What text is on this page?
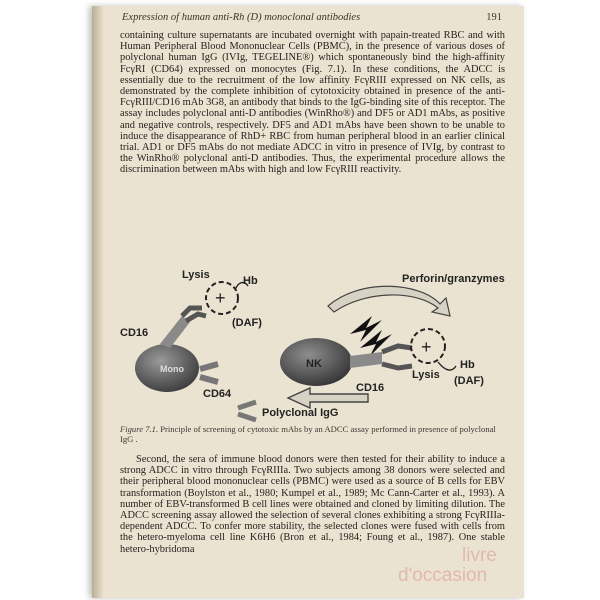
Expression of human anti-Rh (D) monoclonal antibodies	191

containing culture supernatants are incubated overnight with papain-treated RBC and with Human Peripheral Blood Mononuclear Cells (PBMC), in the presence of various doses of polyclonal human IgG (IVIg, TEGELINE®) which spontaneously bind the high-affinity FcγRI (CD64) expressed on monocytes (Fig. 7.1). In these conditions, the ADCC is essentially due to the recruitment of the low affinity FcγRIII expressed on NK cells, as demonstrated by the complete inhibition of cytotoxicity obtained in presence of the anti-FcγRIII/CD16 mAb 3G8, an antibody that binds to the IgG-binding site of this receptor. The assay includes polyclonal anti-D antibodies (WinRho®) and DF5 or AD1 mAbs, as positive and negative controls, respectively. DF5 and AD1 mAbs have been shown to be unable to induce the disappearance of RhD+ RBC from human peripheral blood in an earlier clinical trial. AD1 or DF5 mAbs do not mediate ADCC in vitro in presence of IVIg, by contrast to the WinRho® polyclonal anti-D antibodies. Thus, the experimental procedure allows the discrimination between mAbs with high and low FcγRIII reactivity.

Mono
CD16
+
Lysis	Hb
(DAF)
CD64
Polyclonal IgG
Perforin/granzymes
NK
CD16
+
Lysis
Hb
(DAF)

Figure 7.1. Principle of screening of cytotoxic mAbs by an ADCC assay performed in presence of polyclonal IgG .

Second, the sera of immune blood donors were then tested for their ability to induce a strong ADCC in vitro through FcγRIIIa. Two subjects among 38 donors were selected and their peripheral blood mononuclear cells (PBMC) were used as a source of B cells for EBV transformation (Boylston et al., 1980; Kumpel et al., 1989; Mc Cann-Carter et al., 1993). A number of EBV-transformed B cell lines were obtained and cloned by limiting dilution. The ADCC screening assay allowed the selection of several clones exhibiting a strong FcγRIIIa-dependent ADCC. To confer more stability, the selected clones were fused with cells from the hetero-myeloma cell line K6H6 (Bron et al., 1984; Foung et al., 1987). One stable hetero-hybridoma	livre
d'occasion
